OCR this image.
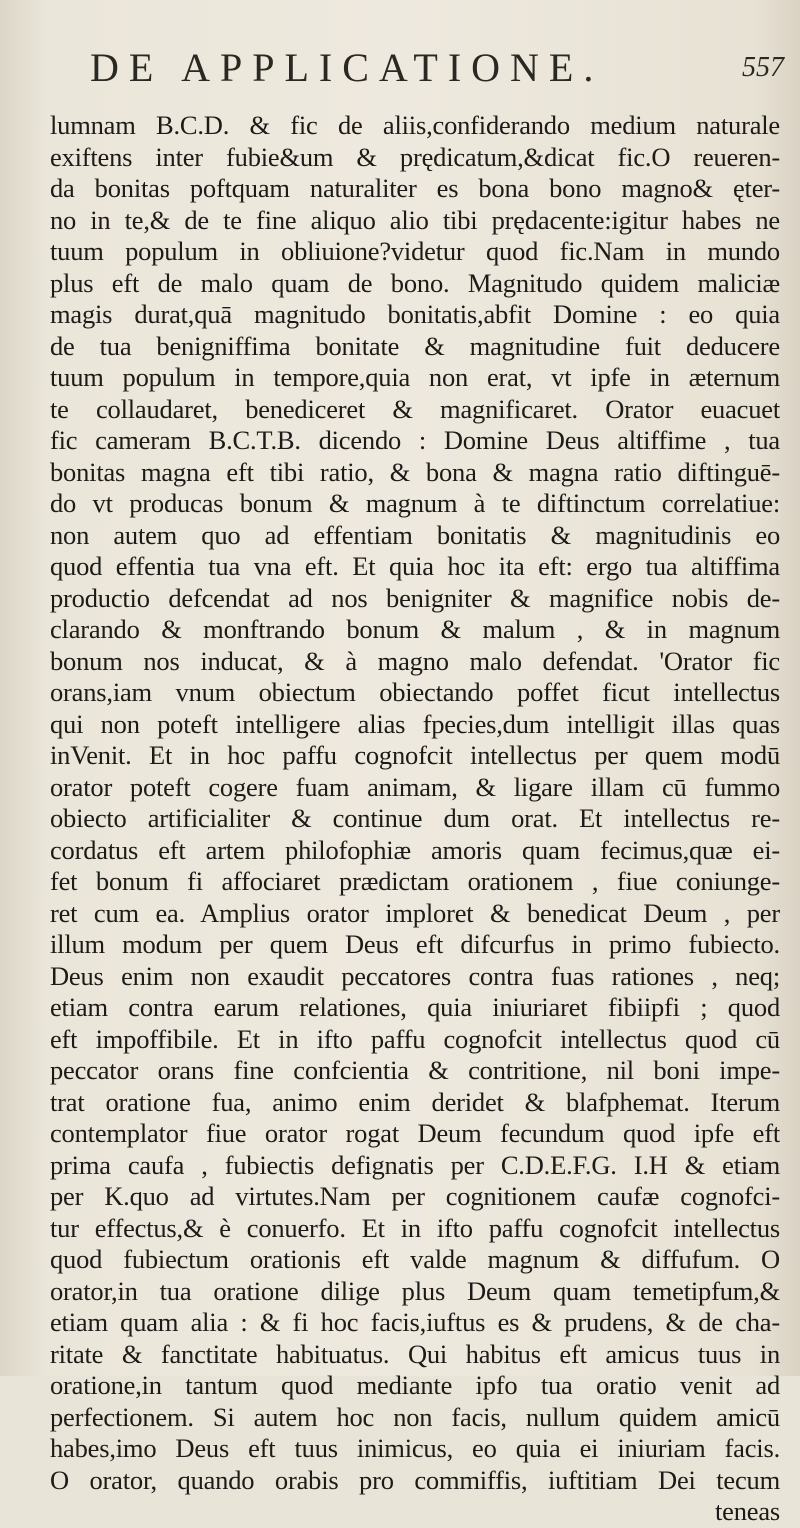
DE APPLICATIONE.	557
lumnam B.C.D. & fic de aliis,confiderando medium naturale
exiftens inter fubie&um & prędicatum,&dicat fic.O reueren-
da bonitas poftquam naturaliter es bona bono magno& ęter-
no in te,& de te fine aliquo alio tibi prędacente:igitur habes ne
tuum populum in obliuione?videtur quod fic.Nam in mundo
plus eft de malo quam de bono. Magnitudo quidem maliciæ
magis durat,quā magnitudo bonitatis,abfit Domine : eo quia
de tua benigniffima bonitate & magnitudine fuit deducere
tuum populum in tempore,quia non erat, vt ipfe in æternum
te collaudaret, benediceret & magnificaret. Orator euacuet
fic cameram B.C.T.B. dicendo : Domine Deus altiffime , tua
bonitas magna eft tibi ratio, & bona & magna ratio diftinguē-
do vt producas bonum & magnum à te diftinctum correlatiue:
non autem quo ad effentiam bonitatis & magnitudinis eo
quod effentia tua vna eft. Et quia hoc ita eft: ergo tua altiffima
productio defcendat ad nos benigniter & magnifice nobis de-
clarando & monftrando bonum & malum , & in magnum
bonum nos inducat, & à magno malo defendat. 'Orator fic
orans,iam vnum obiectum obiectando poffet ficut intellectus
qui non poteft intelligere alias fpecies,dum intelligit illas quas
inVenit. Et in hoc paffu cognofcit intellectus per quem modū
orator poteft cogere fuam animam, & ligare illam cū fummo
obiecto artificialiter & continue dum orat. Et intellectus re-
cordatus eft artem philofophiæ amoris quam fecimus,quæ ei-
fet bonum fi affociaret prædictam orationem , fiue coniunge-
ret cum ea. Amplius orator imploret & benedicat Deum , per
illum modum per quem Deus eft difcurfus in primo fubiecto.
Deus enim non exaudit peccatores contra fuas rationes , neq;
etiam contra earum relationes, quia iniuriaret fibiipfi ; quod
eft impoffibile. Et in ifto paffu cognofcit intellectus quod cū
peccator orans fine confcientia & contritione, nil boni impe-
trat oratione fua, animo enim deridet & blafphemat. Iterum
contemplator fiue orator rogat Deum fecundum quod ipfe eft
prima caufa , fubiectis defignatis per C.D.E.F.G. I.H & etiam
per K.quo ad virtutes.Nam per cognitionem caufæ cognofci-
tur effectus,& è conuerfo. Et in ifto paffu cognofcit intellectus
quod fubiectum orationis eft valde magnum & diffufum. O
orator,in tua oratione dilige plus Deum quam temetipfum,&
etiam quam alia : & fi hoc facis,iuftus es & prudens, & de cha-
ritate & fanctitate habituatus. Qui habitus eft amicus tuus in
oratione,in tantum quod mediante ipfo tua oratio venit ad
perfectionem. Si autem hoc non facis, nullum quidem amicū
habes,imo Deus eft tuus inimicus, eo quia ei iniuriam facis.
O orator, quando orabis pro commiffis, iuftitiam Dei tecum
teneas
